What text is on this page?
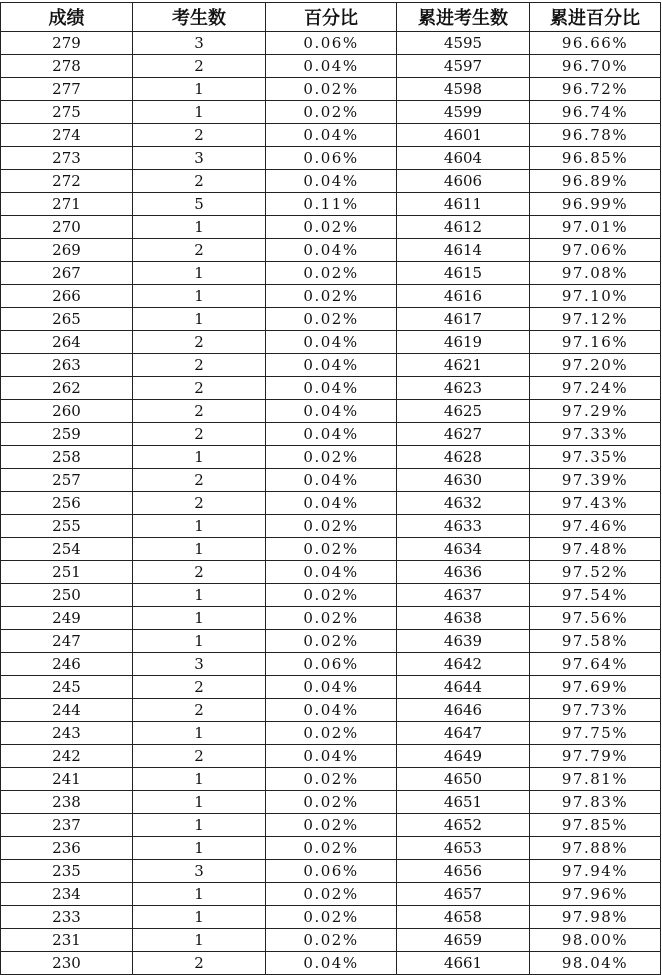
成绩	考生数	百分比	累进考生数	累进百分比
279	3	0.06%	4595	96.66%
278	2	0.04%	4597	96.70%
277	1	0.02%	4598	96.72%
275	1	0.02%	4599	96.74%
274	2	0.04%	4601	96.78%
273	3	0.06%	4604	96.85%
272	2	0.04%	4606	96.89%
271	5	0.11%	4611	96.99%
270	1	0.02%	4612	97.01%
269	2	0.04%	4614	97.06%
267	1	0.02%	4615	97.08%
266	1	0.02%	4616	97.10%
265	1	0.02%	4617	97.12%
264	2	0.04%	4619	97.16%
263	2	0.04%	4621	97.20%
262	2	0.04%	4623	97.24%
260	2	0.04%	4625	97.29%
259	2	0.04%	4627	97.33%
258	1	0.02%	4628	97.35%
257	2	0.04%	4630	97.39%
256	2	0.04%	4632	97.43%
255	1	0.02%	4633	97.46%
254	1	0.02%	4634	97.48%
251	2	0.04%	4636	97.52%
250	1	0.02%	4637	97.54%
249	1	0.02%	4638	97.56%
247	1	0.02%	4639	97.58%
246	3	0.06%	4642	97.64%
245	2	0.04%	4644	97.69%
244	2	0.04%	4646	97.73%
243	1	0.02%	4647	97.75%
242	2	0.04%	4649	97.79%
241	1	0.02%	4650	97.81%
238	1	0.02%	4651	97.83%
237	1	0.02%	4652	97.85%
236	1	0.02%	4653	97.88%
235	3	0.06%	4656	97.94%
234	1	0.02%	4657	97.96%
233	1	0.02%	4658	97.98%
231	1	0.02%	4659	98.00%
230	2	0.04%	4661	98.04%
